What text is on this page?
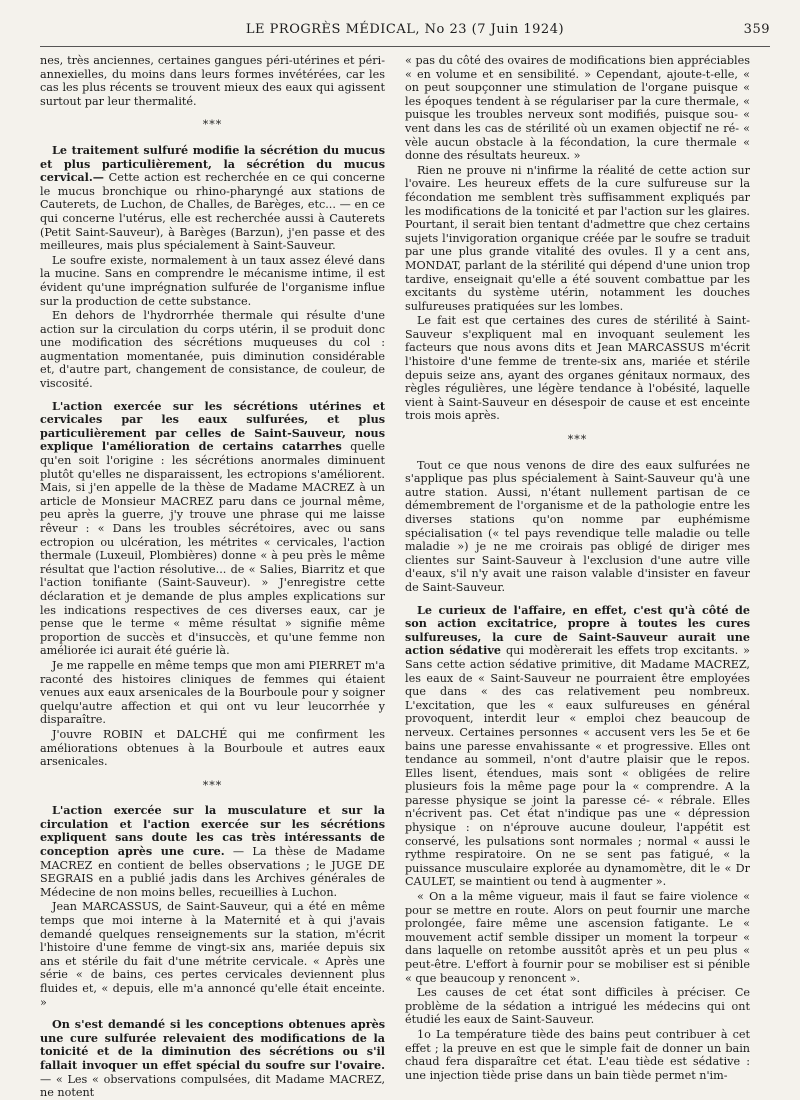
LE PROGRÈS MÉDICAL, No 23 (7 Juin 1924)	359

nes, très anciennes, certaines gangues péri-utérines et péri-annexielles, du moins dans leurs formes invétérées, car les cas les plus récents se trouvent mieux des eaux qui agissent surtout par leur thermalité.

***

Le traitement sulfuré modifie la sécrétion du mucus et plus particulièrement, la sécrétion du mucus cervical.— Cette action est recherchée en ce qui concerne le mucus bronchique ou rhino-pharyngé aux stations de Cauterets, de Luchon, de Challes, de Barèges, etc... — en ce qui concerne l'utérus, elle est recherchée aussi à Cauterets (Petit Saint-Sauveur), à Barèges (Barzun), j'en passe et des meilleures, mais plus spécialement à Saint-Sauveur.

Le soufre existe, normalement à un taux assez élevé dans la mucine. Sans en comprendre le mécanisme intime, il est évident qu'une imprégnation sulfurée de l'organisme influe sur la production de cette substance.

En dehors de l'hydrorrhée thermale qui résulte d'une action sur la circulation du corps utérin, il se produit donc une modification des sécrétions muqueuses du col : augmentation momentanée, puis diminution considérable et, d'autre part, changement de consistance, de couleur, de viscosité.

L'action exercée sur les sécrétions utérines et cervicales par les eaux sulfurées, et plus particulièrement par celles de Saint-Sauveur, nous explique l'amélioration de certains catarrhes quelle qu'en soit l'origine : les sécrétions anormales diminuent plutôt qu'elles ne disparaissent, les ectropions s'améliorent. Mais, si j'en appelle de la thèse de Madame MACREZ à un article de Monsieur MACREZ paru dans ce journal même, peu après la guerre, j'y trouve une phrase qui me laisse rêveur : « Dans les troubles sécrétoires, avec ou sans ectropion ou ulcération, les métrites « cervicales, l'action thermale (Luxeuil, Plombières) donne « à peu près le même résultat que l'action résolutive... de « Salies, Biarritz et que l'action tonifiante (Saint-Sauveur). » J'enregistre cette déclaration et je demande de plus amples explications sur les indications respectives de ces diverses eaux, car je pense que le terme « même résultat » signifie même proportion de succès et d'insuccès, et qu'une femme non améliorée ici aurait été guérie là.

Je me rappelle en même temps que mon ami PIERRET m'a raconté des histoires cliniques de femmes qui étaient venues aux eaux arsenicales de la Bourboule pour y soigner quelqu'autre affection et qui ont vu leur leucorrhée y disparaître.

J'ouvre ROBIN et DALCHÉ qui me confirment les améliorations obtenues à la Bourboule et autres eaux arsenicales.

***

L'action exercée sur la musculature et sur la circulation et l'action exercée sur les sécrétions expliquent sans doute les cas très intéressants de conception après une cure. — La thèse de Madame MACREZ en contient de belles observations ; le JUGE DE SEGRAIS en a publié jadis dans les Archives générales de Médecine de non moins belles, recueillies à Luchon.

Jean MARCASSUS, de Saint-Sauveur, qui a été en même temps que moi interne à la Maternité et à qui j'avais demandé quelques renseignements sur la station, m'écrit l'histoire d'une femme de vingt-six ans, mariée depuis six ans et stérile du fait d'une métrite cervicale. « Après une série « de bains, ces pertes cervicales deviennent plus fluides et, « depuis, elle m'a annoncé qu'elle était enceinte. »

On s'est demandé si les conceptions obtenues après une cure sulfurée relevaient des modifications de la tonicité et de la diminution des sécrétions ou s'il fallait invoquer un effet spécial du soufre sur l'ovaire. — « Les « observations compulsées, dit Madame MACREZ, ne notent

« pas du côté des ovaires de modifications bien appréciables « en volume et en sensibilité. » Cependant, ajoute-t-elle, « on peut soupçonner une stimulation de l'organe puisque « les époques tendent à se régulariser par la cure thermale, « puisque les troubles nerveux sont modifiés, puisque sou- « vent dans les cas de stérilité où un examen objectif ne ré- « vèle aucun obstacle à la fécondation, la cure thermale « donne des résultats heureux. »

Rien ne prouve ni n'infirme la réalité de cette action sur l'ovaire. Les heureux effets de la cure sulfureuse sur la fécondation me semblent très suffisamment expliqués par les modifications de la tonicité et par l'action sur les glaires. Pourtant, il serait bien tentant d'admettre que chez certains sujets l'invigoration organique créée par le soufre se traduit par une plus grande vitalité des ovules. Il y a cent ans, MONDAT, parlant de la stérilité qui dépend d'une union trop tardive, enseignait qu'elle a été souvent combattue par les excitants du système utérin, notamment les douches sulfureuses pratiquées sur les lombes.

Le fait est que certaines des cures de stérilité à Saint-Sauveur s'expliquent mal en invoquant seulement les facteurs que nous avons dits et Jean MARCASSUS m'écrit l'histoire d'une femme de trente-six ans, mariée et stérile depuis seize ans, ayant des organes génitaux normaux, des règles régulières, une légère tendance à l'obésité, laquelle vient à Saint-Sauveur en désespoir de cause et est enceinte trois mois après.

***

Tout ce que nous venons de dire des eaux sulfurées ne s'applique pas plus spécialement à Saint-Sauveur qu'à une autre station. Aussi, n'étant nullement partisan de ce démembrement de l'organisme et de la pathologie entre les diverses stations qu'on nomme par euphémisme spécialisation (« tel pays revendique telle maladie ou telle maladie ») je ne me croirais pas obligé de diriger mes clientes sur Saint-Sauveur à l'exclusion d'une autre ville d'eaux, s'il n'y avait une raison valable d'insister en faveur de Saint-Sauveur.

Le curieux de l'affaire, en effet, c'est qu'à côté de son action excitatrice, propre à toutes les cures sulfureuses, la cure de Saint-Sauveur aurait une action sédative qui modèrerait les effets trop excitants. » Sans cette action sédative primitive, dit Madame MACREZ, les eaux de « Saint-Sauveur ne pourraient être employées que dans « des cas relativement peu nombreux. L'excitation, que les « eaux sulfureuses en général provoquent, interdit leur « emploi chez beaucoup de nerveux. Certaines personnes « accusent vers les 5e et 6e bains une paresse envahissante « et progressive. Elles ont tendance au sommeil, n'ont d'autre plaisir que le repos. Elles lisent, étendues, mais sont « obligées de relire plusieurs fois la même page pour la « comprendre. A la paresse physique se joint la paresse cé- « rébrale. Elles n'écrivent pas. Cet état n'indique pas une « dépression physique : on n'éprouve aucune douleur, l'appétit est conservé, les pulsations sont normales ; normal « aussi le rythme respiratoire. On ne se sent pas fatigué, « la puissance musculaire explorée au dynamomètre, dit le « Dr CAULET, se maintient ou tend à augmenter ».

« On a la même vigueur, mais il faut se faire violence « pour se mettre en route. Alors on peut fournir une marche prolongée, faire même une ascension fatigante. Le « mouvement actif semble dissiper un moment la torpeur « dans laquelle on retombe aussitôt après et un peu plus « peut-être. L'effort à fournir pour se mobiliser est si pénible « que beaucoup y renoncent ».

Les causes de cet état sont difficiles à préciser. Ce problème de la sédation a intrigué les médecins qui ont étudié les eaux de Saint-Sauveur.

1o La température tiède des bains peut contribuer à cet effet ; la preuve en est que le simple fait de donner un bain chaud fera disparaître cet état. L'eau tiède est sédative : une injection tiède prise dans un bain tiède permet n'im-
